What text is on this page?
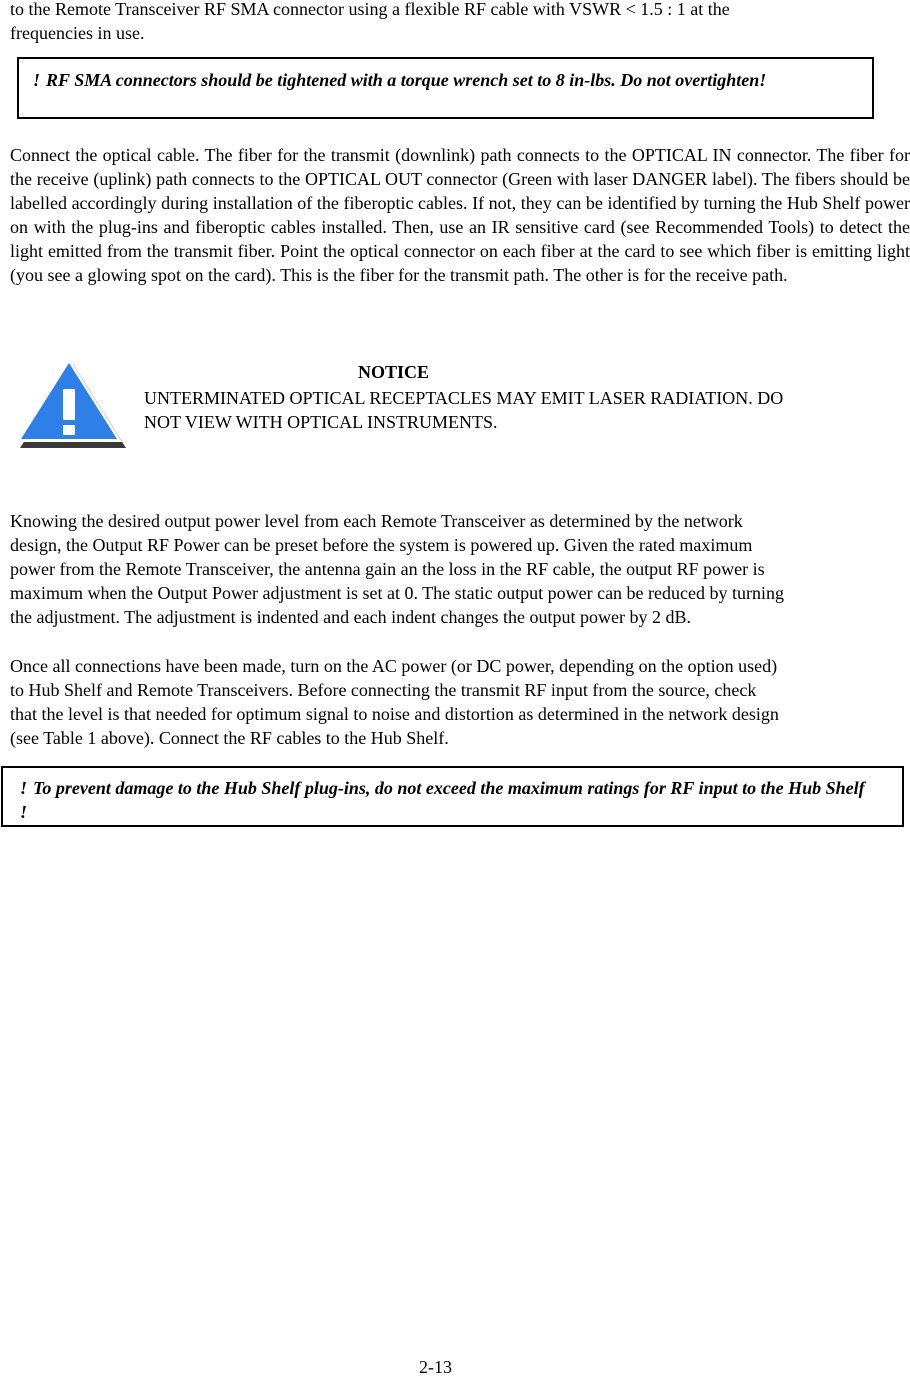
to the Remote Transceiver RF SMA connector using a flexible RF cable with VSWR < 1.5 : 1 at the
frequencies in use.
! RF SMA connectors should be tightened with a torque wrench set to 8 in-lbs. Do not overtighten!
Connect the optical cable. The fiber for the transmit (downlink) path connects to the OPTICAL IN connector. The fiber for the receive (uplink) path connects to the OPTICAL OUT connector (Green with laser DANGER label). The fibers should be labelled accordingly during installation of the fiberoptic cables. If not, they can be identified by turning the Hub Shelf power on with the plug-ins and fiberoptic cables installed. Then, use an IR sensitive card (see Recommended Tools) to detect the light emitted from the transmit fiber. Point the optical connector on each fiber at the card to see which fiber is emitting light (you see a glowing spot on the card). This is the fiber for the transmit path. The other is for the receive path.
NOTICE
UNTERMINATED OPTICAL RECEPTACLES MAY EMIT LASER RADIATION. DO
NOT VIEW WITH OPTICAL INSTRUMENTS.
Knowing the desired output power level from each Remote Transceiver as determined by the network
design, the Output RF Power can be preset before the system is powered up. Given the rated maximum
power from the Remote Transceiver, the antenna gain an the loss in the RF cable, the output RF power is
maximum when the Output Power adjustment is set at 0. The static output power can be reduced by turning
the adjustment. The adjustment is indented and each indent changes the output power by 2 dB.
Once all connections have been made, turn on the AC power (or DC power, depending on the option used)
to Hub Shelf and Remote Transceivers. Before connecting the transmit RF input from the source, check
that the level is that needed for optimum signal to noise and distortion as determined in the network design
(see Table 1 above). Connect the RF cables to the Hub Shelf.
! To prevent damage to the Hub Shelf plug-ins, do not exceed the maximum ratings for RF input to the Hub Shelf !
2-13
